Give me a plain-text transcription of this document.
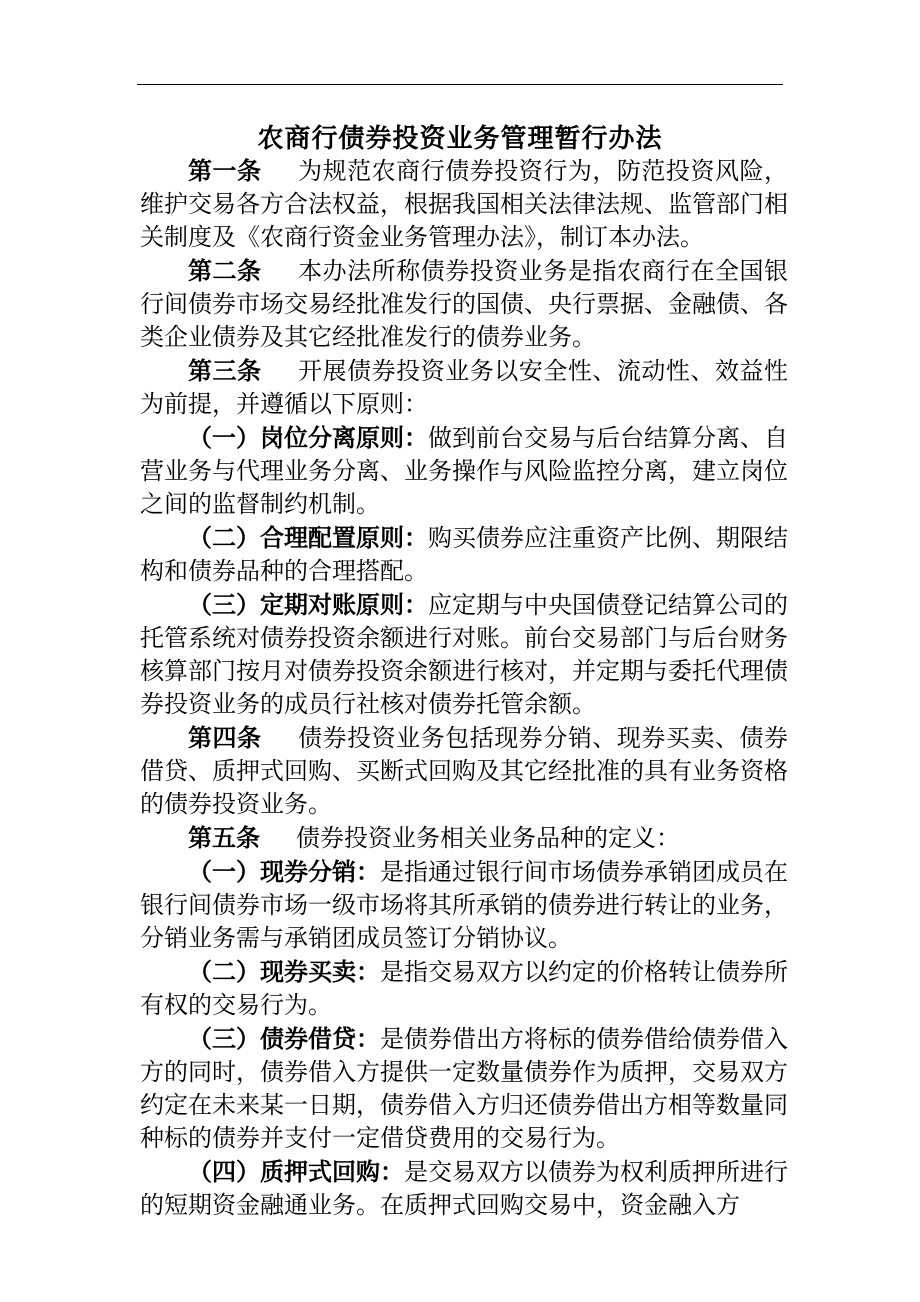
农商行债券投资业务管理暂行办法

第一条 为规范农商行债券投资行为，防范投资风险，维护交易各方合法权益，根据我国相关法律法规、监管部门相关制度及《农商行资金业务管理办法》，制订本办法。

第二条 本办法所称债券投资业务是指农商行在全国银行间债券市场交易经批准发行的国债、央行票据、金融债、各类企业债券及其它经批准发行的债券业务。

第三条 开展债券投资业务以安全性、流动性、效益性为前提，并遵循以下原则：

（一）岗位分离原则：做到前台交易与后台结算分离、自营业务与代理业务分离、业务操作与风险监控分离，建立岗位之间的监督制约机制。

（二）合理配置原则：购买债券应注重资产比例、期限结构和债券品种的合理搭配。

（三）定期对账原则：应定期与中央国债登记结算公司的托管系统对债券投资余额进行对账。前台交易部门与后台财务核算部门按月对债券投资余额进行核对，并定期与委托代理债券投资业务的成员行社核对债券托管余额。

第四条 债券投资业务包括现券分销、现券买卖、债券借贷、质押式回购、买断式回购及其它经批准的具有业务资格的债券投资业务。

第五条 债券投资业务相关业务品种的定义：

（一）现券分销：是指通过银行间市场债券承销团成员在银行间债券市场一级市场将其所承销的债券进行转让的业务，分销业务需与承销团成员签订分销协议。

（二）现券买卖：是指交易双方以约定的价格转让债券所有权的交易行为。

（三）债券借贷：是债券借出方将标的债券借给债券借入方的同时，债券借入方提供一定数量债券作为质押，交易双方约定在未来某一日期，债券借入方归还债券借出方相等数量同种标的债券并支付一定借贷费用的交易行为。

（四）质押式回购：是交易双方以债券为权利质押所进行的短期资金融通业务。在质押式回购交易中，资金融入方
